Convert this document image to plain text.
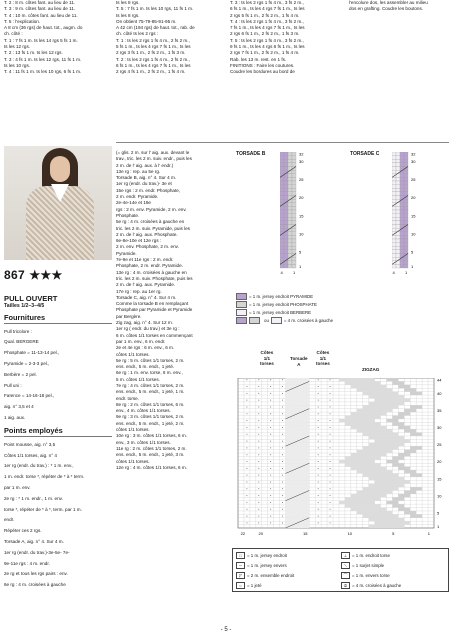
T. 2 : 8 m. côtes fant. au lieu de 11.

T. 3 : 9 m. côtes fant. au lieu de 11.

T. 4 : 10 m. côtes fant. au lieu de 11.

T. 5 : l'explication.

A 8 cm (36 rgs) de haut. tot., augm. do

ch. côté :

T. 1 : 7 fs 1 m. ts les 14 rgs 5 fs 1 m.

ts les 12 rgs.

T. 2 : 13 fs 1 m. ts les 12 rgs.

T. 3 : 4 fs 1 m. ts les 12 rgs, 11 fs 1 m.

ts les 10 rgs.

T. 4 : 11 fs 1 m. ts les 10 rgs, 6 fs 1 m.

ts les 8 rgs.

T. 5 : 7 fs 1 m. ts les 10 rgs, 11 fs 1 m.

ts les 8 rgs.

On obtient 75-79-85-91-95 m.

A 42 cm (194 rgs) de haut. tot., rab. de

ch. côté ts les 2 rgs :

T. 1 : ts les 2 rgs 1 fs 4 m., 2 fs 2 m.,

5 fs 1 m., ts les 4 rgs 7 fs 1 m., ts les

2 rgs 3 fs 1 m., 2 fs 2 m., 1 fs 3 m.

T. 2 : ts les 2 rgs 1 fs 4 m., 2 fs 2 m.,

6 fs 1 m., ts les 4 rgs 7 fs 1 m., ts les

2 rgs 4 fs 1 m., 2 fs 2 m., 1 fs 4 m.

T. 3 : ts les 2 rgs 1 fs 4 m., 3 fs 2 m.,

6 fs 1 m., ts les 4 rgs 7 fs 1 m., ts les

2 rgs 5 fs 1 m., 2 fs 2 m., 1 fs 4 m.

T. 4 : ts les 2 rgs 1 fs 4 m., 3 fs 2 m.,

7 fs 1 m., ts les 4 rgs 7 fs 1 m., ts les

2 rgs 6 fs 1 m., 2 fs 2 m., 1 fs 3 m.

T. 5 : ts les 2 rgs 1 fs 4 m., 3 fs 2 m.,

9 fs 1 m., ts les 4 rgs 6 fs 1 m., ts les

2 rgs 7 fs 1 m., 2 fs 2 m., 1 fs 4 m.

Rab. les 13 m. rest. en 1 fs.

FINITIONS : Faire les coutures.

Coudre les bordures au bord de

l'encolure dos, les assembler au milieu

dos en grafting. Coudre les boutons.

867 ★★★
PULL OUVERT
Tailles 1/2–3–4/5
Fournitures

Pull tricolore :

Qual. BERGERE

Phosphate = 11-13-14 pel.,

Pyramide = 2-3-3 pel.,

Berbère = 2 pel.

Pull uni :

Faïence = 14-16-18 pel.,

aig. n° 3,5 et 4

1 aig. aux.

Points employés

Point mousse, aig. n° 3,5

Côtes 1/1 torses, aig. n° 4

1er rg (endr. du trav.) : * 1 m. env.,

1 m. endr. torse *, répéter de * à * term.

par 1 m. env.

2e rg : * 1 m. endr., 1 m. env.

torse *, répéter de * à *, term. par 1 m.

endr.

Répéter ces 2 rgs.

Torsade A, aig. n° 4. Sur 4 m.

1er rg (endr. du trav.)-3e-5e- 7e-

9e-11e rgs : 4 m. endr.

2e rg et tous les rgs pairs : env.

6e rg : 4 m. croisées à gauche

(= glis. 2 m. sur l' aig. aux. devant le

trav., tric. les 2 m. suiv. endr., puis les

2 m. de l' aig. aux. à l' endr.)

13e rg : rep. au 5e rg.

Torsade B, aig. n° 4. Sur 4 m.

1er rg (endr. du trav.)- 3e et

15e rgs : 2 m. endr. Phosphate,

2 m. endr. Pyramide.

2e-4e-14e et 16e

rgs : 2 m. env. Pyramide, 2 m. env.

Phosphate.

5e rg : 4 m. croisées à gauche en

tric. les 2 m. suiv. Pyramide, puis les

2 m. de l' aig. aux. Phosphate.

6e-8e-10e et 12e rgs :

2 m. env. Phosphate, 2 m. env.

Pyramide.

7e-9e et 11e rgs : 2 m. endr.

Phosphate, 2 m. endr. Pyramide.

13e rg : 4 m. croisées à gauche en

tric. les 2 m. suiv. Phosphate, puis les

2 m. de l' aig. aux. Pyramide.

17e rg : rep. au 1er rg.

Torsade C, aig. n° 4. Sur 4 m.

Comme la torsade B en remplaçant

Phosphate par Pyramide et Pyramide

par Bergère.

Zig zag, aig. n° 4. Sur 12 m.

1er rg ( endr. du trav.) et 3e rg :

6 m. côtes 1/1 torses en commençant

par 1 m. env., 6 m. endr.

2e et 4e rgs : 6 m. env., 6 m.

côtes 1/1 torses.

5e rg : 5 m. côtes 1/1 torses, 2 m.

ens. endr., 5 m. endr., 1 jeté.

6e rg : 1 m. env. torse, 6 m. env.,

5 m. côtes 1/1 torses.

7e rg : 4 m. côtes 1/1 torses, 2 m.

ens. endr., 5 m. endr., 1 jeté, 1 m.

endr. torse.

8e rg : 2 m. côtes 1/1 torses, 6 m.

env., 4 m. côtes 1/1 torses.

9e rg : 3 m. côtes 1/1 torses, 2 m.

ens. endr., 5 m. endr., 1 jeté, 2 m.

côtes 1/1 torses.

10e rg : 3 m. côtes 1/1 torses, 6 m.

env., 3 m. côtes 1/1 torses.

11e rg : 2 m. côtes 1/1 torses, 2 m.

ens. endr., 5 m. endr., 1 jeté, 3 m.

côtes 1/1 torses.

12e rg : 4 m. côtes 1/1 torses, 6 m.

TORSADE B	32
30
25
20
15
10
5
1
4	1
TORSADE C	32
30
25
20
15
10
5
1
4	1
= 1 m. jersey endroit PYRAMIDE
= 1 m. jersey endroit PHOSPHATE
= 1 m. jersey endroit BERBERE
ou	= 4 m. croisées à gauche
Côtes
1/1
torses
Torsade
A
Côtes
1/1
torses
ZIGZAG
44
40
35
30
25
20
15
10
5
1
22	20	15	10	5	1
□	= 1 m. jersey endroit	⊥	= 1 m. endroit torse
─	= 1 m. jersey envers	⟍	= 1 surjet simple
◸	= 2 m. ensemble endroit	⌒	= 1 m. envers torse
○	= 1 jeté	⧄	= 4 m. croisées à gauche
- 5 -
